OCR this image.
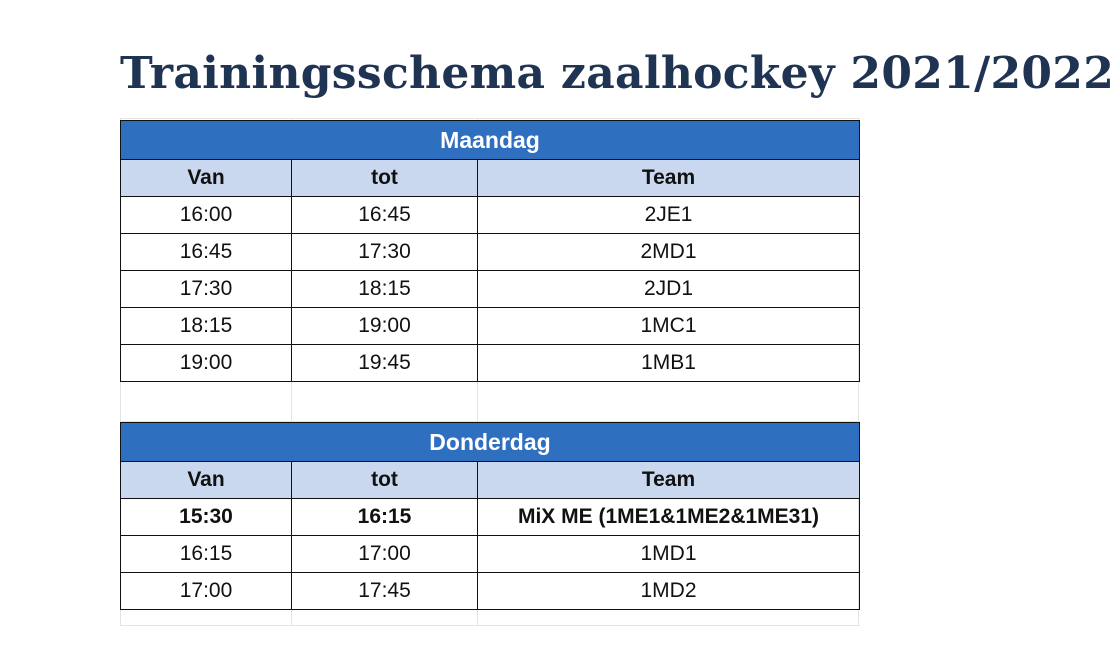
Trainingsschema zaalhockey 2021/2022
Maandag		
Van	tot	Team
16:00	16:45	2JE1
16:45	17:30	2MD1
17:30	18:15	2JD1
18:15	19:00	1MC1
19:00	19:45	1MB1
Donderdag		
Van	tot	Team
15:30	16:15	MiX ME (1ME1&1ME2&1ME31)
16:15	17:00	1MD1
17:00	17:45	1MD2
